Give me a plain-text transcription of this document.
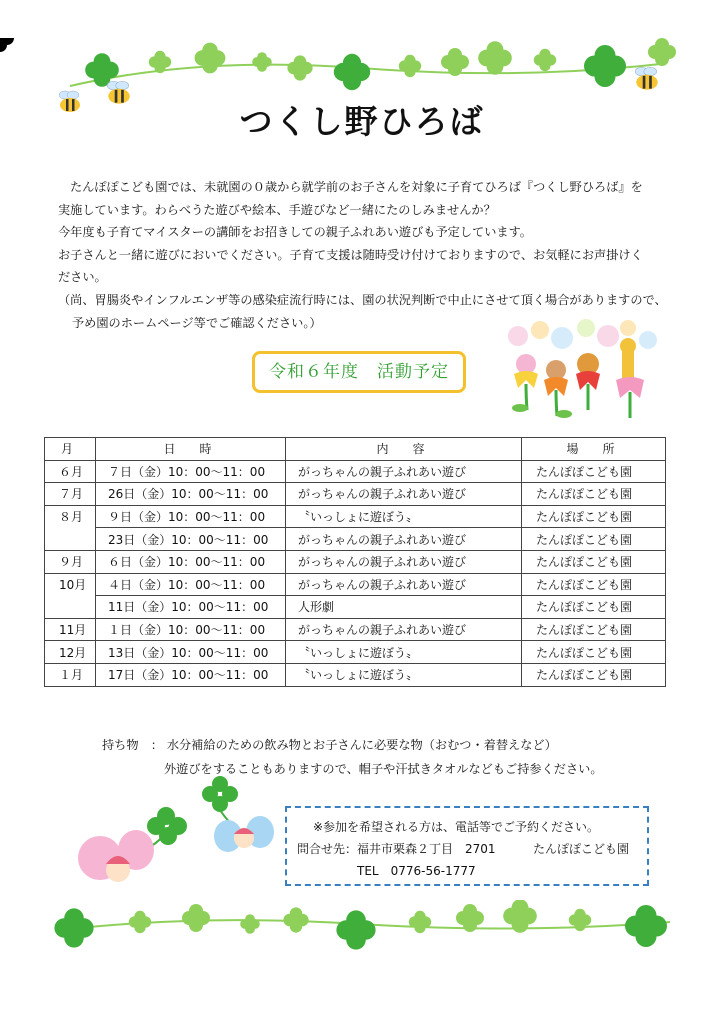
つくし野ひろば

たんぽぽこども園では、未就園の０歳から就学前のお子さんを対象に子育てひろば『つくし野ひろば』を

実施しています。わらべうた遊びや絵本、手遊びなど一緒にたのしみませんか？

今年度も子育てマイスターの講師をお招きしての親子ふれあい遊びも予定しています。

お子さんと一緒に遊びにおいでください。子育て支援は随時受け付けておりますので、お気軽にお声掛けく

ださい。

（尚、胃腸炎やインフルエンザ等の感染症流行時には、園の状況判断で中止にさせて頂く場合がありますので、

予め園のホームページ等でご確認ください。）

令和６年度　活動予定
月	日　時	内　容	場　所
６月	７日（金）10：00〜11：00	がっちゃんの親子ふれあい遊び	たんぽぽこども園
７月	26日（金）10：00〜11：00	がっちゃんの親子ふれあい遊び	たんぽぽこども園
８月	９日（金）10：00〜11：00	〝いっしょに遊ぼう〟	たんぽぽこども園
	23日（金）10：00〜11：00	がっちゃんの親子ふれあい遊び	たんぽぽこども園
９月	６日（金）10：00〜11：00	がっちゃんの親子ふれあい遊び	たんぽぽこども園
10月	４日（金）10：00〜11：00	がっちゃんの親子ふれあい遊び	たんぽぽこども園
	11日（金）10：00〜11：00	人形劇	たんぽぽこども園
11月	１日（金）10：00〜11：00	がっちゃんの親子ふれあい遊び	たんぽぽこども園
12月	13日（金）10：00〜11：00	〝いっしょに遊ぼう〟	たんぽぽこども園
１月	17日（金）10：00〜11：00	〝いっしょに遊ぼう〟	たんぽぽこども園
持ち物　： 水分補給のための飲み物とお子さんに必要な物（おむつ・着替えなど）
外遊びをすることもありますので、帽子や汗拭きタオルなどもご持参ください。
※参加を希望される方は、電話等でご予約ください。
問合せ先：福井市栗森２丁目　2701	たんぽぽこども園
TEL　0776-56-1777
